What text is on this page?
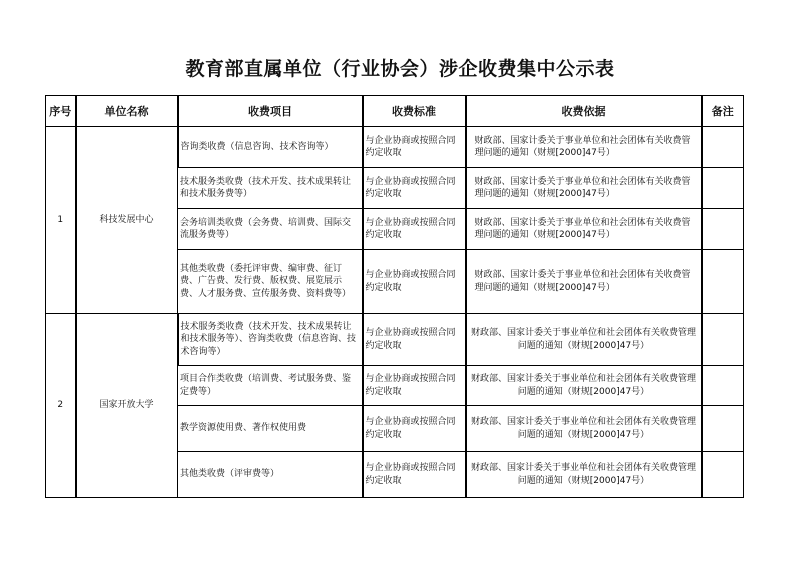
教育部直属单位（行业协会）涉企收费集中公示表
序号	单位名称	收费项目	收费标准	收费依据	备注
1	科技发展中心	咨询类收费（信息咨询、技术咨询等）	与企业协商或按照合同约定收取	财政部、国家计委关于事业单位和社会团体有关收费管理问题的通知（财规[2000]47号）	

		技术服务类收费（技术开发、技术成果转让和技术服务费等）	与企业协商或按照合同约定收取	财政部、国家计委关于事业单位和社会团体有关收费管理问题的通知（财规[2000]47号）	

		会务培训类收费（会务费、培训费、国际交流服务费等）	与企业协商或按照合同约定收取	财政部、国家计委关于事业单位和社会团体有关收费管理问题的通知（财规[2000]47号）	

		其他类收费（委托评审费、编审费、征订费、广告费、发行费、版权费、展览展示费、人才服务费、宣传服务费、资料费等）	与企业协商或按照合同约定收取	财政部、国家计委关于事业单位和社会团体有关收费管理问题的通知（财规[2000]47号）	

2	国家开放大学	技术服务类收费（技术开发、技术成果转让和技术服务等）、咨询类收费（信息咨询、技术咨询等）	与企业协商或按照合同约定收取	财政部、国家计委关于事业单位和社会团体有关收费管理问题的通知（财规[2000]47号）	
		项目合作类收费（培训费、考试服务费、鉴定费等）	与企业协商或按照合同约定收取	财政部、国家计委关于事业单位和社会团体有关收费管理问题的通知（财规[2000]47号）	
		教学资源使用费、著作权使用费	与企业协商或按照合同约定收取	财政部、国家计委关于事业单位和社会团体有关收费管理问题的通知（财规[2000]47号）	
		其他类收费（评审费等）	与企业协商或按照合同约定收取	财政部、国家计委关于事业单位和社会团体有关收费管理问题的通知（财规[2000]47号）	
